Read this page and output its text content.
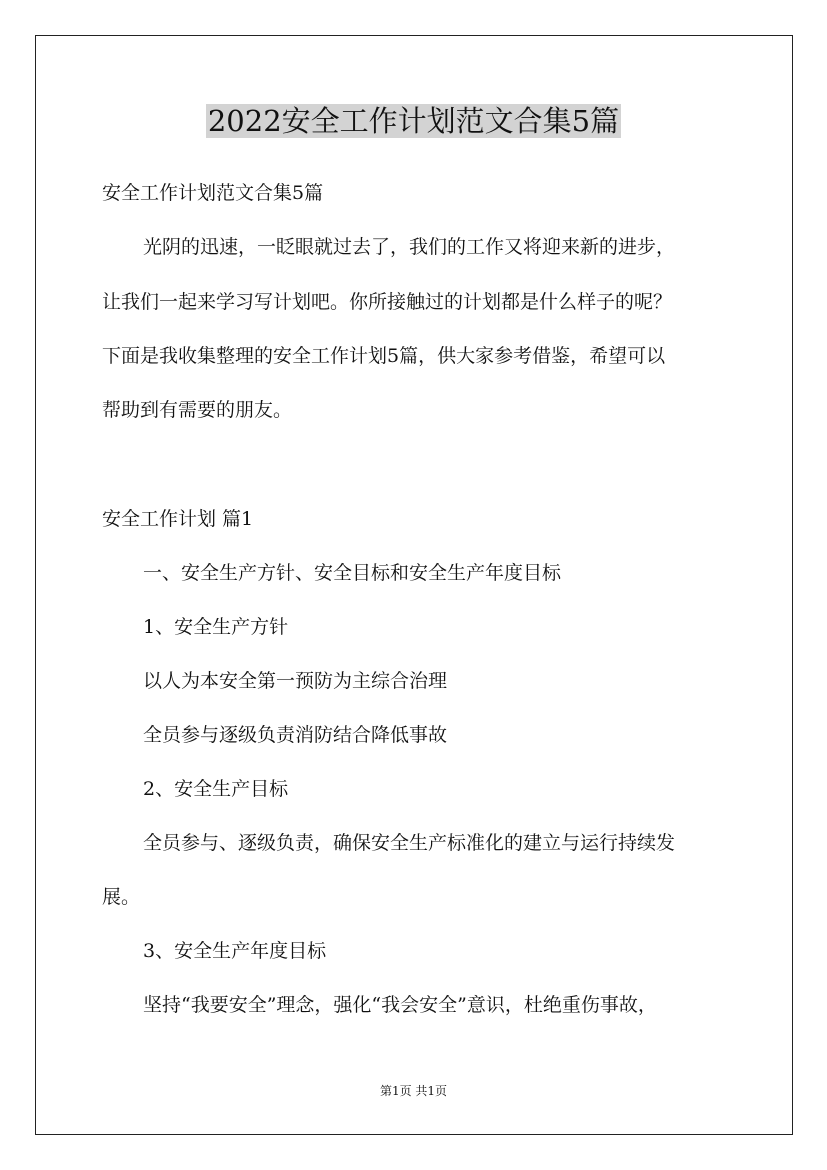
2022安全工作计划范文合集5篇

安全工作计划范文合集5篇

光阴的迅速，一眨眼就过去了，我们的工作又将迎来新的进步，

让我们一起来学习写计划吧。你所接触过的计划都是什么样子的呢？

下面是我收集整理的安全工作计划5篇，供大家参考借鉴，希望可以

帮助到有需要的朋友。

安全工作计划 篇1

一、安全生产方针、安全目标和安全生产年度目标

1、安全生产方针

以人为本安全第一预防为主综合治理

全员参与逐级负责消防结合降低事故

2、安全生产目标

全员参与、逐级负责，确保安全生产标准化的建立与运行持续发

展。

3、安全生产年度目标

坚持“我要安全”理念，强化“我会安全”意识，杜绝重伤事故，

第1页 共1页
